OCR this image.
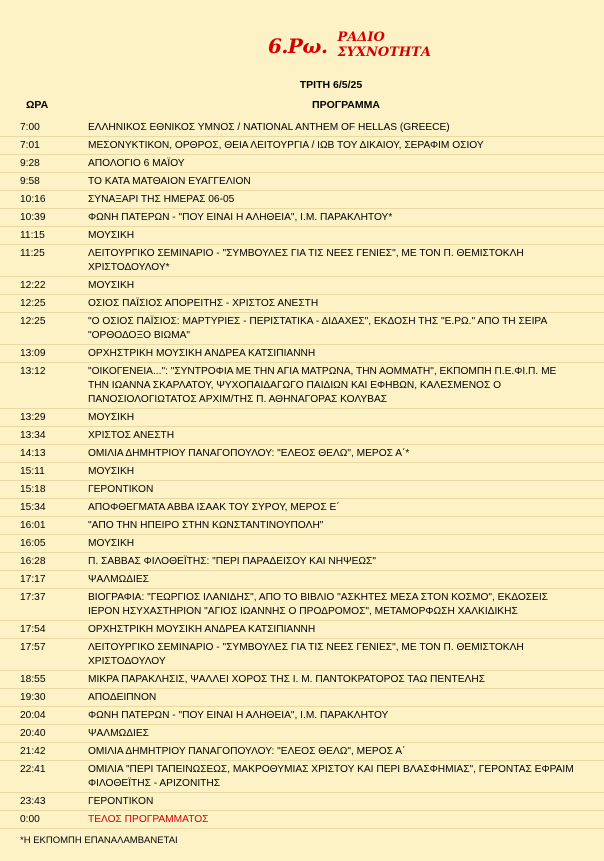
6.Ρω. ΡΑΔΙΟ
ΣΥΧΝΟΤΗΤΑ
ΤΡΙΤΗ 6/5/25
ΩΡΑ	ΠΡΟΓΡΑΜΜΑ
7:00	ΕΛΛΗΝΙΚΟΣ ΕΘΝΙΚΟΣ ΥΜΝΟΣ / NATIONAL ANTHEM OF HELLAS (GREECE)
7:01	ΜΕΣΟΝΥΚΤΙΚΟΝ, ΟΡΘΡΟΣ, ΘΕΙΑ ΛΕΙΤΟΥΡΓΙΑ / ΙΩΒ ΤΟΥ ΔΙΚΑΙΟΥ, ΣΕΡΑΦΙΜ ΟΣΙΟΥ
9:28	ΑΠΟΛΟΓΙΟ 6 ΜΑΪΟΥ
9:58	ΤΟ ΚΑΤΑ ΜΑΤΘΑΙΟΝ ΕΥΑΓΓΕΛΙΟΝ
10:16	ΣΥΝΑΞΑΡΙ ΤΗΣ ΗΜΕΡΑΣ 06-05
10:39	ΦΩΝΗ ΠΑΤΕΡΩΝ - "ΠΟΥ ΕΙΝΑΙ Η ΑΛΗΘΕΙΑ", Ι.Μ. ΠΑΡΑΚΛΗΤΟΥ*
11:15	ΜΟΥΣΙΚΗ
11:25	ΛΕΙΤΟΥΡΓΙΚΟ ΣΕΜΙΝΑΡΙΟ - "ΣΥΜΒΟΥΛΕΣ ΓΙΑ ΤΙΣ ΝΕΕΣ ΓΕΝΙΕΣ", ΜΕ ΤΟΝ Π. ΘΕΜΙΣΤΟΚΛΗ ΧΡΙΣΤΟΔΟΥΛΟΥ*
12:22	ΜΟΥΣΙΚΗ
12:25	ΟΣΙΟΣ ΠΑΪΣΙΟΣ ΑΠΟΡΕΙΤΗΣ - ΧΡΙΣΤΟΣ ΑΝΕΣΤΗ
12:25	"Ο ΟΣΙΟΣ ΠΑΪΣΙΟΣ: ΜΑΡΤΥΡΙΕΣ - ΠΕΡΙΣΤΑΤΙΚΑ - ΔΙΔΑΧΕΣ", ΕΚΔΟΣΗ ΤΗΣ "Ε.ΡΩ." ΑΠΟ ΤΗ ΣΕΙΡΑ "ΟΡΘΟΔΟΞΟ ΒΙΩΜΑ"
13:09	ΟΡΧΗΣΤΡΙΚΗ ΜΟΥΣΙΚΗ ΑΝΔΡΕΑ ΚΑΤΣΙΠΙΑΝΝΗ
13:12	"ΟΙΚΟΓΕΝΕΙΑ...": "ΣΥΝΤΡΟΦΙΑ ΜΕ ΤΗΝ ΑΓΙΑ ΜΑΤΡΩΝΑ, ΤΗΝ ΑΟΜΜΑΤΗ", ΕΚΠΟΜΠΗ Π.Ε.ΦΙ.Π. ΜΕ ΤΗΝ ΙΩΑΝΝΑ ΣΚΑΡΛΑΤΟΥ, ΨΥΧΟΠΑΙΔΑΓΩΓΟ ΠΑΙΔΙΩΝ ΚΑΙ ΕΦΗΒΩΝ, ΚΑΛΕΣΜΕΝΟΣ Ο ΠΑΝΟΣΙΟΛΟΓΙΩΤΑΤΟΣ ΑΡΧΙΜ/ΤΗΣ Π. ΑΘΗΝΑΓΟΡΑΣ ΚΟΛΥΒΑΣ
13:29	ΜΟΥΣΙΚΗ
13:34	ΧΡΙΣΤΟΣ ΑΝΕΣΤΗ
14:13	ΟΜΙΛΙΑ ΔΗΜΗΤΡΙΟΥ ΠΑΝΑΓΟΠΟΥΛΟΥ: "ΕΛΕΟΣ ΘΕΛΩ", ΜΕΡΟΣ Α΄*
15:11	ΜΟΥΣΙΚΗ
15:18	ΓΕΡΟΝΤΙΚΟΝ
15:34	ΑΠΟΦΘΕΓΜΑΤΑ ΑΒΒΑ ΙΣΑΑΚ ΤΟΥ ΣΥΡΟΥ, ΜΕΡΟΣ Ε΄
16:01	"ΑΠΟ ΤΗΝ ΗΠΕΙΡΟ ΣΤΗΝ ΚΩΝΣΤΑΝΤΙΝΟΥΠΟΛΗ"
16:05	ΜΟΥΣΙΚΗ
16:28	Π. ΣΑΒΒΑΣ ΦΙΛΟΘΕΪΤΗΣ: "ΠΕΡΙ ΠΑΡΑΔΕΙΣΟΥ ΚΑΙ ΝΗΨΕΩΣ"
17:17	ΨΑΛΜΩΔΙΕΣ
17:37	ΒΙΟΓΡΑΦΙΑ: "ΓΕΩΡΓΙΟΣ ΙΛΑΝΙΔΗΣ", ΑΠΟ ΤΟ ΒΙΒΛΙΟ "ΑΣΚΗΤΕΣ ΜΕΣΑ ΣΤΟΝ ΚΟΣΜΟ", ΕΚΔΟΣΕΙΣ ΙΕΡΟΝ ΗΣΥΧΑΣΤΗΡΙΟΝ "ΑΓΙΟΣ ΙΩΑΝΝΗΣ Ο ΠΡΟΔΡΟΜΟΣ", ΜΕΤΑΜΟΡΦΩΣΗ ΧΑΛΚΙΔΙΚΗΣ
17:54	ΟΡΧΗΣΤΡΙΚΗ ΜΟΥΣΙΚΗ ΑΝΔΡΕΑ ΚΑΤΣΙΠΙΑΝΝΗ
17:57	ΛΕΙΤΟΥΡΓΙΚΟ ΣΕΜΙΝΑΡΙΟ - "ΣΥΜΒΟΥΛΕΣ ΓΙΑ ΤΙΣ ΝΕΕΣ ΓΕΝΙΕΣ", ΜΕ ΤΟΝ Π. ΘΕΜΙΣΤΟΚΛΗ ΧΡΙΣΤΟΔΟΥΛΟΥ
18:55	ΜΙΚΡΑ ΠΑΡΑΚΛΗΣΙΣ, ΨΑΛΛΕΙ ΧΟΡΟΣ ΤΗΣ Ι. Μ. ΠΑΝΤΟΚΡΑΤΟΡΟΣ ΤΑΩ ΠΕΝΤΕΛΗΣ
19:30	ΑΠΟΔΕΙΠΝΟΝ
20:04	ΦΩΝΗ ΠΑΤΕΡΩΝ - "ΠΟΥ ΕΙΝΑΙ Η ΑΛΗΘΕΙΑ", Ι.Μ. ΠΑΡΑΚΛΗΤΟΥ
20:40	ΨΑΛΜΩΔΙΕΣ
21:42	ΟΜΙΛΙΑ ΔΗΜΗΤΡΙΟΥ ΠΑΝΑΓΟΠΟΥΛΟΥ: "ΕΛΕΟΣ ΘΕΛΩ", ΜΕΡΟΣ Α΄
22:41	ΟΜΙΛΙΑ "ΠΕΡΙ ΤΑΠΕΙΝΩΣΕΩΣ, ΜΑΚΡΟΘΥΜΙΑΣ ΧΡΙΣΤΟΥ ΚΑΙ ΠΕΡΙ ΒΛΑΣΦΗΜΙΑΣ", ΓΕΡΟΝΤΑΣ ΕΦΡΑΙΜ ΦΙΛΟΘΕΪΤΗΣ - ΑΡΙΖΟΝΙΤΗΣ
23:43	ΓΕΡΟΝΤΙΚΟΝ
0:00	ΤΕΛΟΣ ΠΡΟΓΡΑΜΜΑΤΟΣ
*Η ΕΚΠΟΜΠΗ ΕΠΑΝΑΛΑΜΒΑΝΕΤΑΙ
